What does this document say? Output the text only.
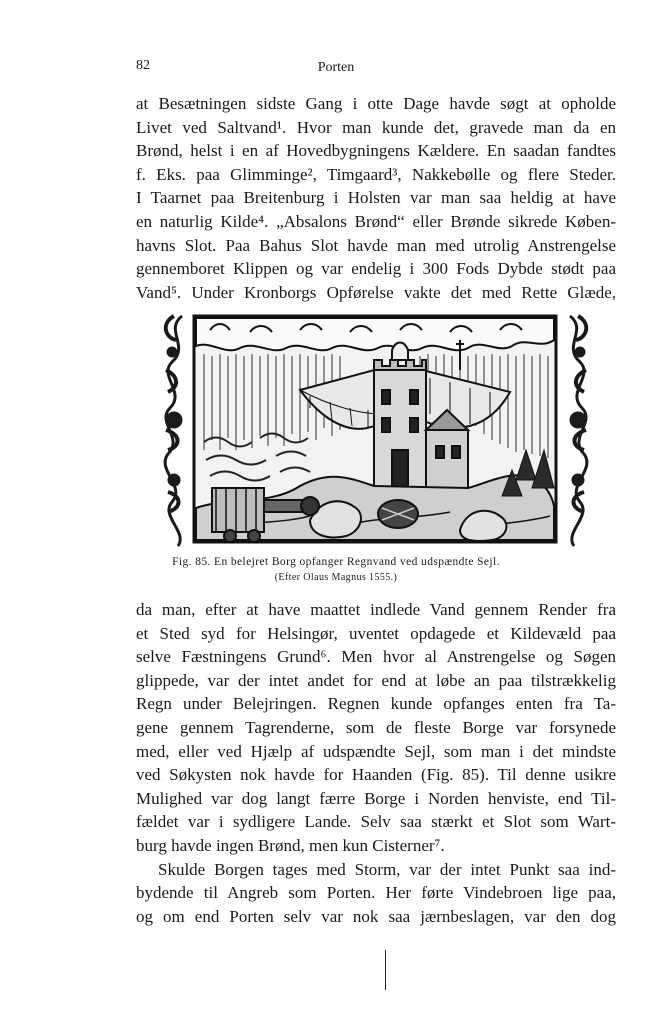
82	Porten
at Besætningen sidste Gang i otte Dage havde søgt at opholde
Livet ved Saltvand¹. Hvor man kunde det, gravede man da en
Brønd, helst i en af Hovedbygningens Kældere. En saadan fandtes
f. Eks. paa Glimminge², Timgaard³, Nakkebølle og flere Steder.
I Taarnet paa Breitenburg i Holsten var man saa heldig at have
en naturlig Kilde⁴. „Absalons Brønd“ eller Brønde sikrede Køben-
havns Slot. Paa Bahus Slot havde man med utrolig Anstrengelse
gennemboret Klippen og var endelig i 300 Fods Dybde stødt paa
Vand⁵. Under Kronborgs Opførelse vakte det med Rette Glæde,
Fig. 85. En belejret Borg opfanger Regnvand ved udspændte Sejl.
(Efter Olaus Magnus 1555.)
da man, efter at have maattet indlede Vand gennem Render fra
et Sted syd for Helsingør, uventet opdagede et Kildevæld paa
selve Fæstningens Grund⁶. Men hvor al Anstrengelse og Søgen
glippede, var der intet andet for end at løbe an paa tilstrækkelig
Regn under Belejringen. Regnen kunde opfanges enten fra Ta-
gene gennem Tagrenderne, som de fleste Borge var forsynede
med, eller ved Hjælp af udspændte Sejl, som man i det mindste
ved Søkysten nok havde for Haanden (Fig. 85). Til denne usikre
Mulighed var dog langt færre Borge i Norden henviste, end Til-
fældet var i sydligere Lande. Selv saa stærkt et Slot som Wart-
burg havde ingen Brønd, men kun Cisterner⁷.
Skulde Borgen tages med Storm, var der intet Punkt saa ind-
bydende til Angreb som Porten. Her førte Vindebroen lige paa,
og om end Porten selv var nok saa jærnbeslagen, var den dog
